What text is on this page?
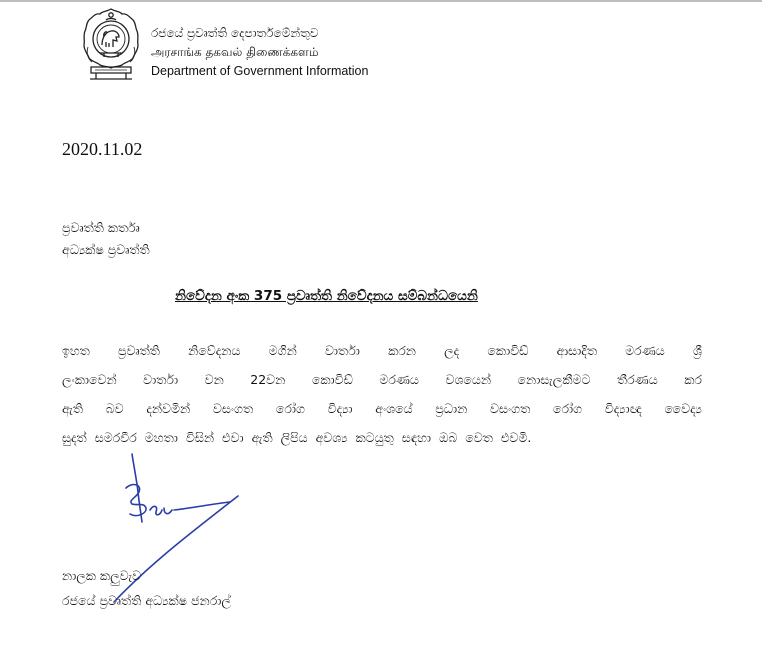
රජයේ ප්‍රවෘත්ති දෙපාර්තමේන්තුව
அரசாங்க தகவல் திணைக்களம்
Department of Government Information
2020.11.02
ප්‍රවෘත්ති කර්තෘ
අධ්‍යක්ෂ ප්‍රවෘත්ති
නිවේදන අංක 375 ප්‍රවෘත්ති නිවේදනය සම්බන්ධයෙනි
ඉහත ප්‍රවෘත්ති නිවේදනය මගින් වාර්තා කරන ලද කොවිඩ් ආසාදිත මරණය ශ්‍රී
ලංකාවෙන් වාර්තා වන 22වන කොවිඩ් මරණය වශයෙන් නොසැලකීමට තීරණය කර
ඇති බව දන්වමින් වසංගත රෝග විද්‍යා අංශයේ ප්‍රධාන වසංගත රෝග විද්‍යාඥ වෛද්‍ය
සුදත් සමරවීර මහතා විසින් එවා ඇති ලිපිය අවශ්‍ය කටයුතු සඳහා ඔබ වෙත එවමි.
නාලක කලුවැව
රජයේ ප්‍රවෘත්ති අධ්‍යක්ෂ ජනරාල්
